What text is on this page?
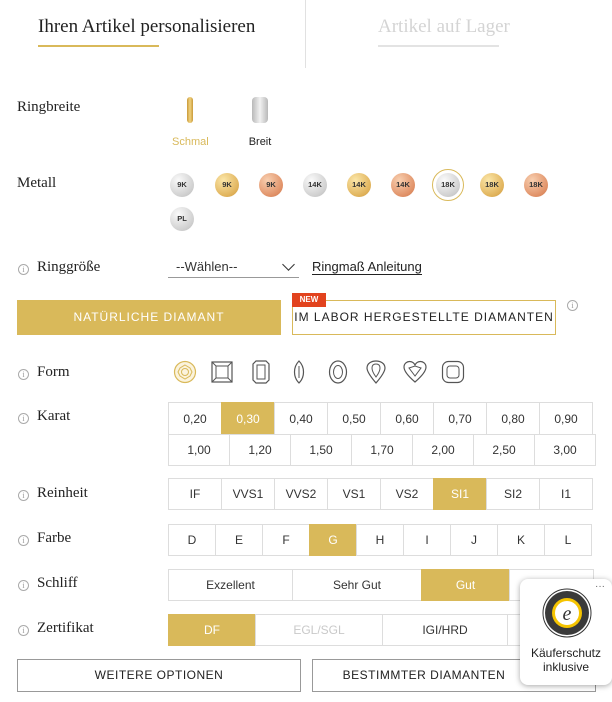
Ihren Artikel personalisieren	Artikel auf Lager
Ringbreite
Schmal	Breit
Metall	9K	9K	9K	14K	14K	14K	18K	18K	18K
PL
i Ringgröße	--Wählen--	Ringmaß Anleitung
NATÜRLICHE DIAMANT	IM LABOR HERGESTELLTE DIAMANTEN
NEW
i
i Form
i Karat	0,20	0,30	0,40	0,50	0,60	0,70	0,80	0,90
1,00	1,20	1,50	1,70	2,00	2,50	3,00
i Reinheit	IF	VVS1	VVS2	VS1	VS2	SI1	SI2	I1
i Farbe	D	E	F	G	H	I	J	K	L
i Schliff	Exzellent	Sehr Gut	Gut
i Zertifikat	DF	EGL/SGL	IGI/HRD
WEITERE OPTIONEN	BESTIMMTER DIAMANTEN
···
e
Käuferschutz
inklusive
